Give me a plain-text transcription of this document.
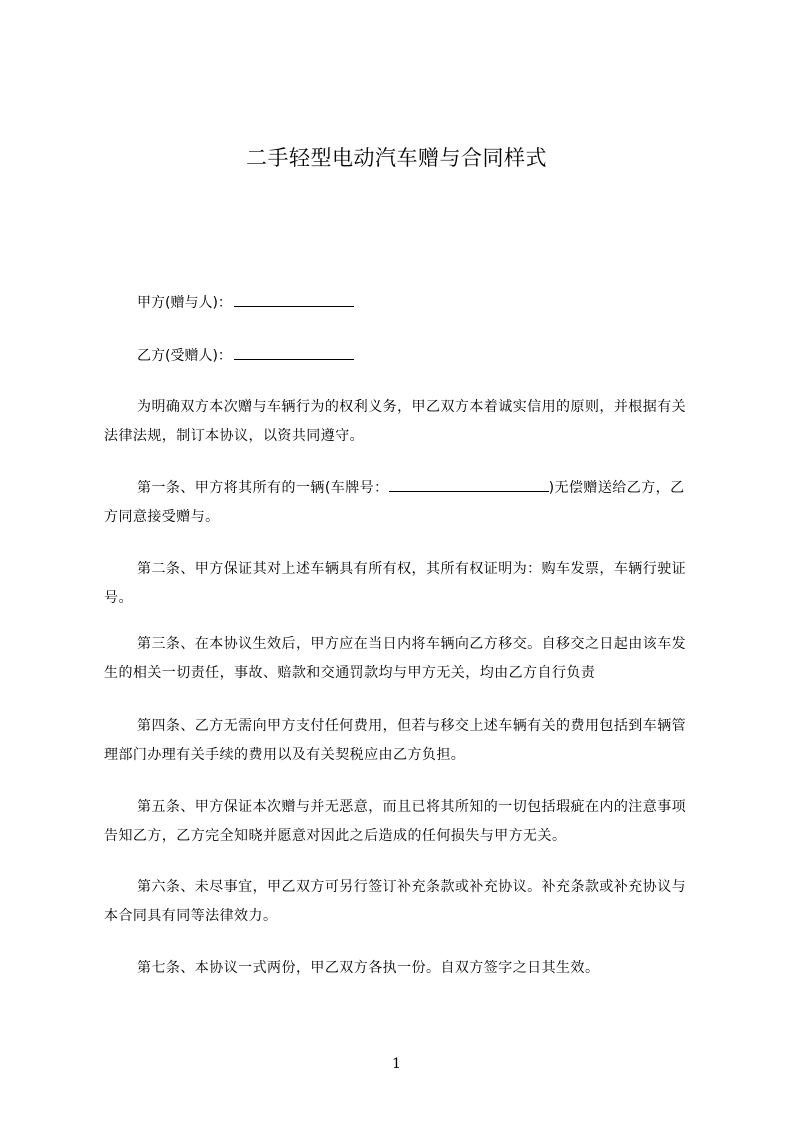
二手轻型电动汽车赠与合同样式
甲方(赠与人)：
乙方(受赠人)：
为明确双方本次赠与车辆行为的权利义务，甲乙双方本着诚实信用的原则，并根据有关法律法规，制订本协议，以资共同遵守。
第一条、甲方将其所有的一辆(车牌号：	)无偿赠送给乙方，乙方同意接受赠与。
第二条、甲方保证其对上述车辆具有所有权，其所有权证明为：购车发票，车辆行驶证号。
第三条、在本协议生效后，甲方应在当日内将车辆向乙方移交。自移交之日起由该车发生的相关一切责任，事故、赔款和交通罚款均与甲方无关，均由乙方自行负责
第四条、乙方无需向甲方支付任何费用，但若与移交上述车辆有关的费用包括到车辆管理部门办理有关手续的费用以及有关契税应由乙方负担。
第五条、甲方保证本次赠与并无恶意，而且已将其所知的一切包括瑕疵在内的注意事项告知乙方，乙方完全知晓并愿意对因此之后造成的任何损失与甲方无关。
第六条、未尽事宜，甲乙双方可另行签订补充条款或补充协议。补充条款或补充协议与本合同具有同等法律效力。
第七条、本协议一式两份，甲乙双方各执一份。自双方签字之日其生效。
1
